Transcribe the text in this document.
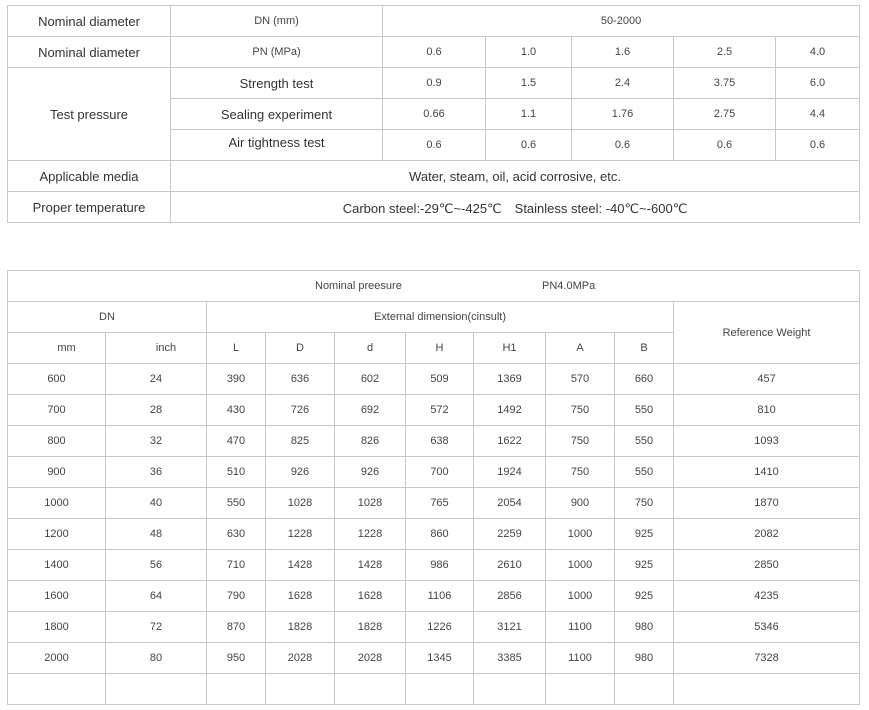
Nominal diameter	DN (mm)	50-2000				
Nominal diameter	PN (MPa)	0.6	1.0	1.6	2.5	4.0
Test pressure	Strength test	0.9	1.5	2.4	3.75	6.0
	Sealing experiment	0.66	1.1	1.76	2.75	4.4
	Air tightness test	0.6	0.6	0.6	0.6	0.6
Applicable media	Water, steam, oil, acid corrosive, etc.					
Proper temperature	Carbon steel:-29℃~-425℃　Stainless steel: -40℃~-600℃					
Nominal preesure PN4.0MPa									

DN		External dimension(cinsult)							Reference Weight
mm	inch	L	D	d	H	H1	A	B	
600	24	390	636	602	509	1369	570	660	457
700	28	430	726	692	572	1492	750	550	810
800	32	470	825	826	638	1622	750	550	1093
900	36	510	926	926	700	1924	750	550	1410
1000	40	550	1028	1028	765	2054	900	750	1870
1200	48	630	1228	1228	860	2259	1000	925	2082
1400	56	710	1428	1428	986	2610	1000	925	2850
1600	64	790	1628	1628	1106	2856	1000	925	4235
1800	72	870	1828	1828	1226	3121	1100	980	5346
2000	80	950	2028	2028	1345	3385	1100	980	7328
